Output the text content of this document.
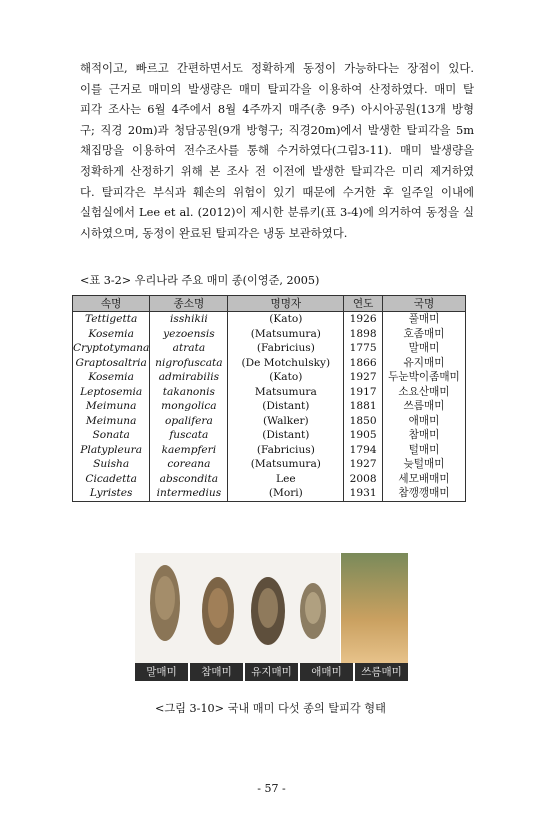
해적이고, 빠르고 간편하면서도 정확하게 동정이 가능하다는 장점이 있다.
이를 근거로 매미의 발생량은 매미 탈피각을 이용하여 산정하였다. 매미 탈
피각 조사는 6월 4주에서 8월 4주까지 매주(총 9주) 아시아공원(13개 방형
구; 직경 20m)과 청담공원(9개 방형구; 직경20m)에서 발생한 탈피각을 5m
채집망을 이용하여 전수조사를 통해 수거하였다(그림3-11). 매미 발생량을
정확하게 산정하기 위해 본 조사 전 이전에 발생한 탈피각은 미리 제거하였
다. 탈피각은 부식과 훼손의 위험이 있기 때문에 수거한 후 일주일 이내에
실험실에서 Lee et al. (2012)이 제시한 분류키(표 3-4)에 의거하여 동정을 실
시하였으며, 동정이 완료된 탈피각은 냉동 보관하였다.
<표 3-2> 우리나라 주요 매미 종(이영준, 2005)
속명	종소명	명명자	연도	국명
Tettigetta	isshikii	(Kato)	1926	풀매미
Kosemia	yezoensis	(Matsumura)	1898	호좀매미
Cryptotymana	atrata	(Fabricius)	1775	말매미
Graptosaltria	nigrofuscata	(De Motchulsky)	1866	유지매미
Kosemia	admirabilis	(Kato)	1927	두눈박이좀매미
Leptosemia	takanonis	Matsumura	1917	소요산매미
Meimuna	mongolica	(Distant)	1881	쓰름매미
Meimuna	opalifera	(Walker)	1850	애매미
Sonata	fuscata	(Distant)	1905	참매미
Platypleura	kaempferi	(Fabricius)	1794	털매미
Suisha	coreana	(Matsumura)	1927	늦털매미
Cicadetta	abscondita	Lee	2008	세모배매미
Lyristes	intermedius	(Mori)	1931	참깽깽매미
말매미	참매미	유지매미	애매미	쓰름매미
<그림 3-10> 국내 매미 다섯 종의 탈피각 형태
- 57 -
